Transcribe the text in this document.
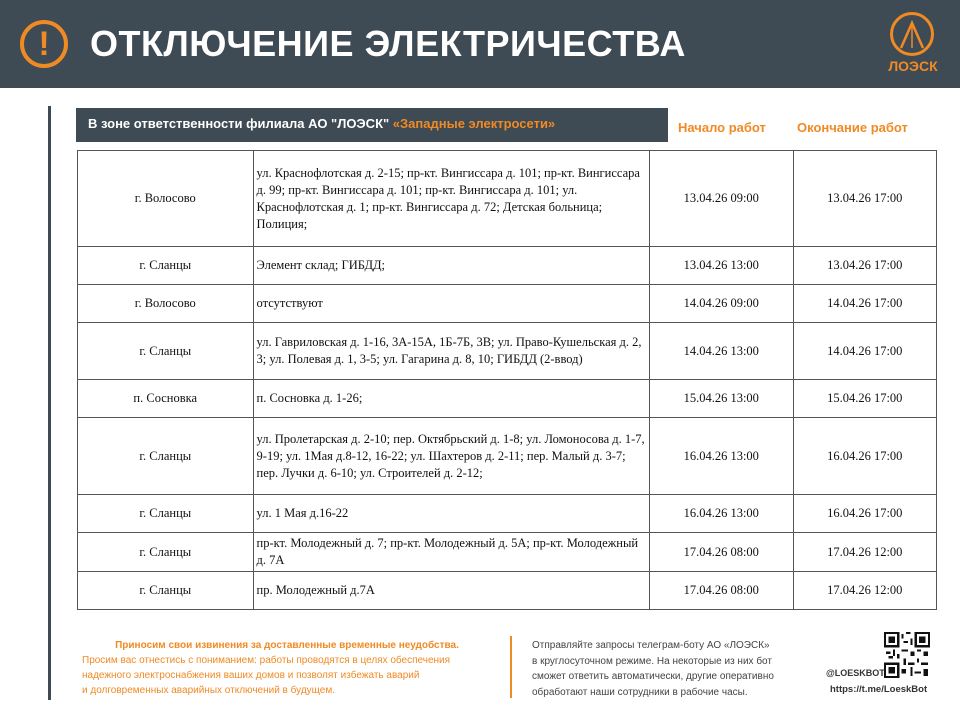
!	ОТКЛЮЧЕНИЕ ЭЛЕКТРИЧЕСТВА
ЛОЭСК
В зоне ответственности филиала АО "ЛОЭСК" «Западные электросети»	Начало работ Окончание работ
г. Волосово	ул. Краснофлотская д. 2-15; пр-кт. Вингиссара д. 101; пр-кт. Вингиссара д. 99; пр-кт. Вингиссара д. 101; пр-кт. Вингиссара д. 101; ул. Краснофлотская д. 1; пр-кт. Вингиссара д. 72; Детская больница; Полиция;	13.04.26 09:00	13.04.26 17:00
г. Сланцы	Элемент склад; ГИБДД;	13.04.26 13:00	13.04.26 17:00
г. Волосово	отсутствуют	14.04.26 09:00	14.04.26 17:00
г. Сланцы	ул. Гавриловская д. 1-16, 3А-15А, 1Б-7Б, 3В; ул. Право-Кушельская д. 2, 3; ул. Полевая д. 1, 3-5; ул. Гагарина д. 8, 10; ГИБДД (2-ввод)	14.04.26 13:00	14.04.26 17:00
п. Сосновка	п. Сосновка д. 1-26;	15.04.26 13:00	15.04.26 17:00
г. Сланцы	ул. Пролетарская д. 2-10; пер. Октябрьский д. 1-8; ул. Ломоносова д. 1-7, 9-19; ул. 1Мая д.8-12, 16-22; ул. Шахтеров д. 2-11; пер. Малый д. 3-7; пер. Лучки д. 6-10; ул. Строителей д. 2-12;	16.04.26 13:00	16.04.26 17:00
г. Сланцы	ул. 1 Мая д.16-22	16.04.26 13:00	16.04.26 17:00
г. Сланцы	пр-кт. Молодежный д. 7; пр-кт. Молодежный д. 5А; пр-кт. Молодежный д. 7А	17.04.26 08:00	17.04.26 12:00
г. Сланцы	пр. Молодежный д.7А	17.04.26 08:00	17.04.26 12:00
Приносим свои извинения за доставленные временные неудобства.
Просим вас отнестись с пониманием: работы проводятся в целях обеспечения
надежного электроснабжения ваших домов и позволят избежать аварий
и долговременных аварийных отключений в будущем.
Отправляйте запросы телеграм-боту АО «ЛОЭСК»
в круглосуточном режиме. На некоторые из них бот
сможет ответить автоматически, другие оперативно
обработают наши сотрудники в рабочие часы.
@LOESKBOT
https://t.me/LoeskBot
